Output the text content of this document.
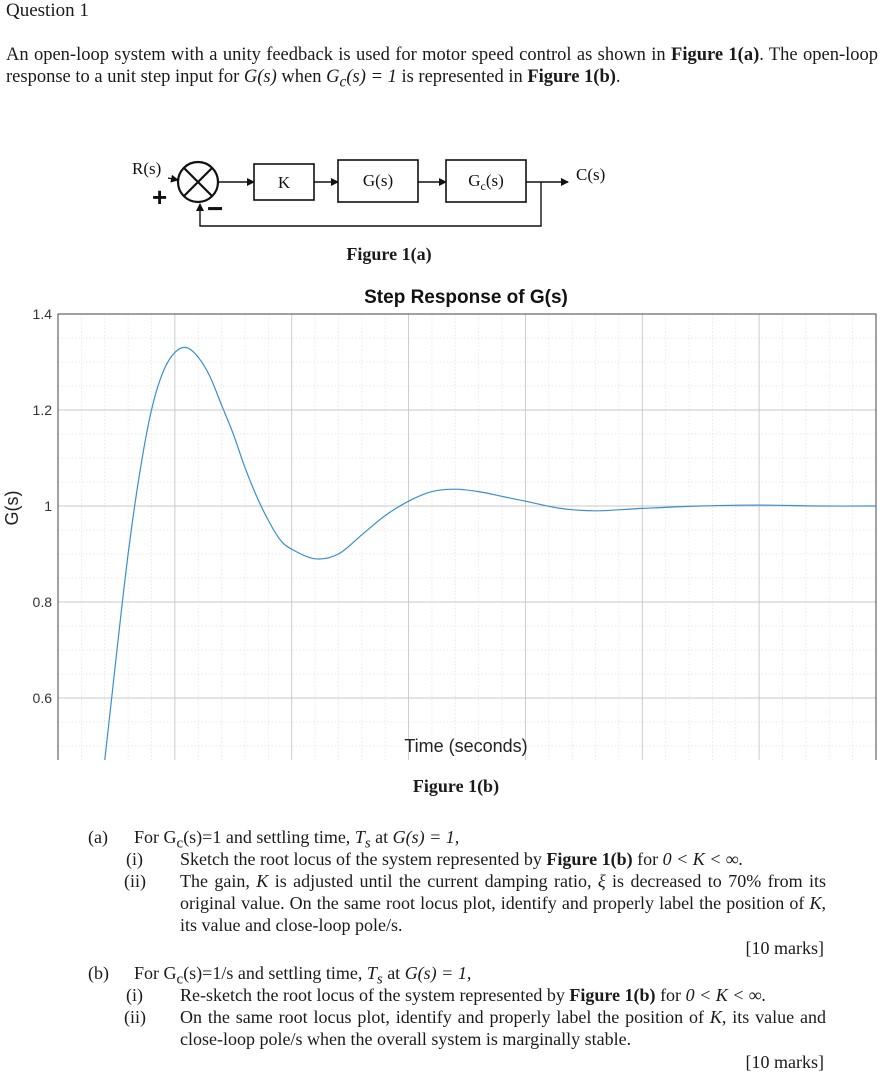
Question 1
An open-loop system with a unity feedback is used for motor speed control as shown in Figure 1(a). The open-loop response to a unit step input for G(s) when $G_c(s) = 1$ is represented in Figure 1(b).
R(s)
+ −
K	G(s)	$G_c(s)$	C(s)
Figure 1(a)
Step Response of G(s)
0.6
0.8
1
1.2
1.4
Time (seconds)
G(s)
Figure 1(b)
(a) For $G_c(s)=1$ and settling time, $T_s$ at G(s) = 1,
(i) Sketch the root locus of the system represented by Figure 1(b) for 0 < K < ∞.
(ii) The gain, K is adjusted until the current damping ratio, ξ is decreased to 70% from its original value. On the same root locus plot, identify and properly label the position of K, its value and close-loop pole/s.
[10 marks]
(b) For $G_c(s)=1/s$ and settling time, $T_s$ at G(s) = 1,
(i) Re-sketch the root locus of the system represented by Figure 1(b) for 0 < K < ∞.
(ii) On the same root locus plot, identify and properly label the position of K, its value and close-loop pole/s when the overall system is marginally stable.
[10 marks]
